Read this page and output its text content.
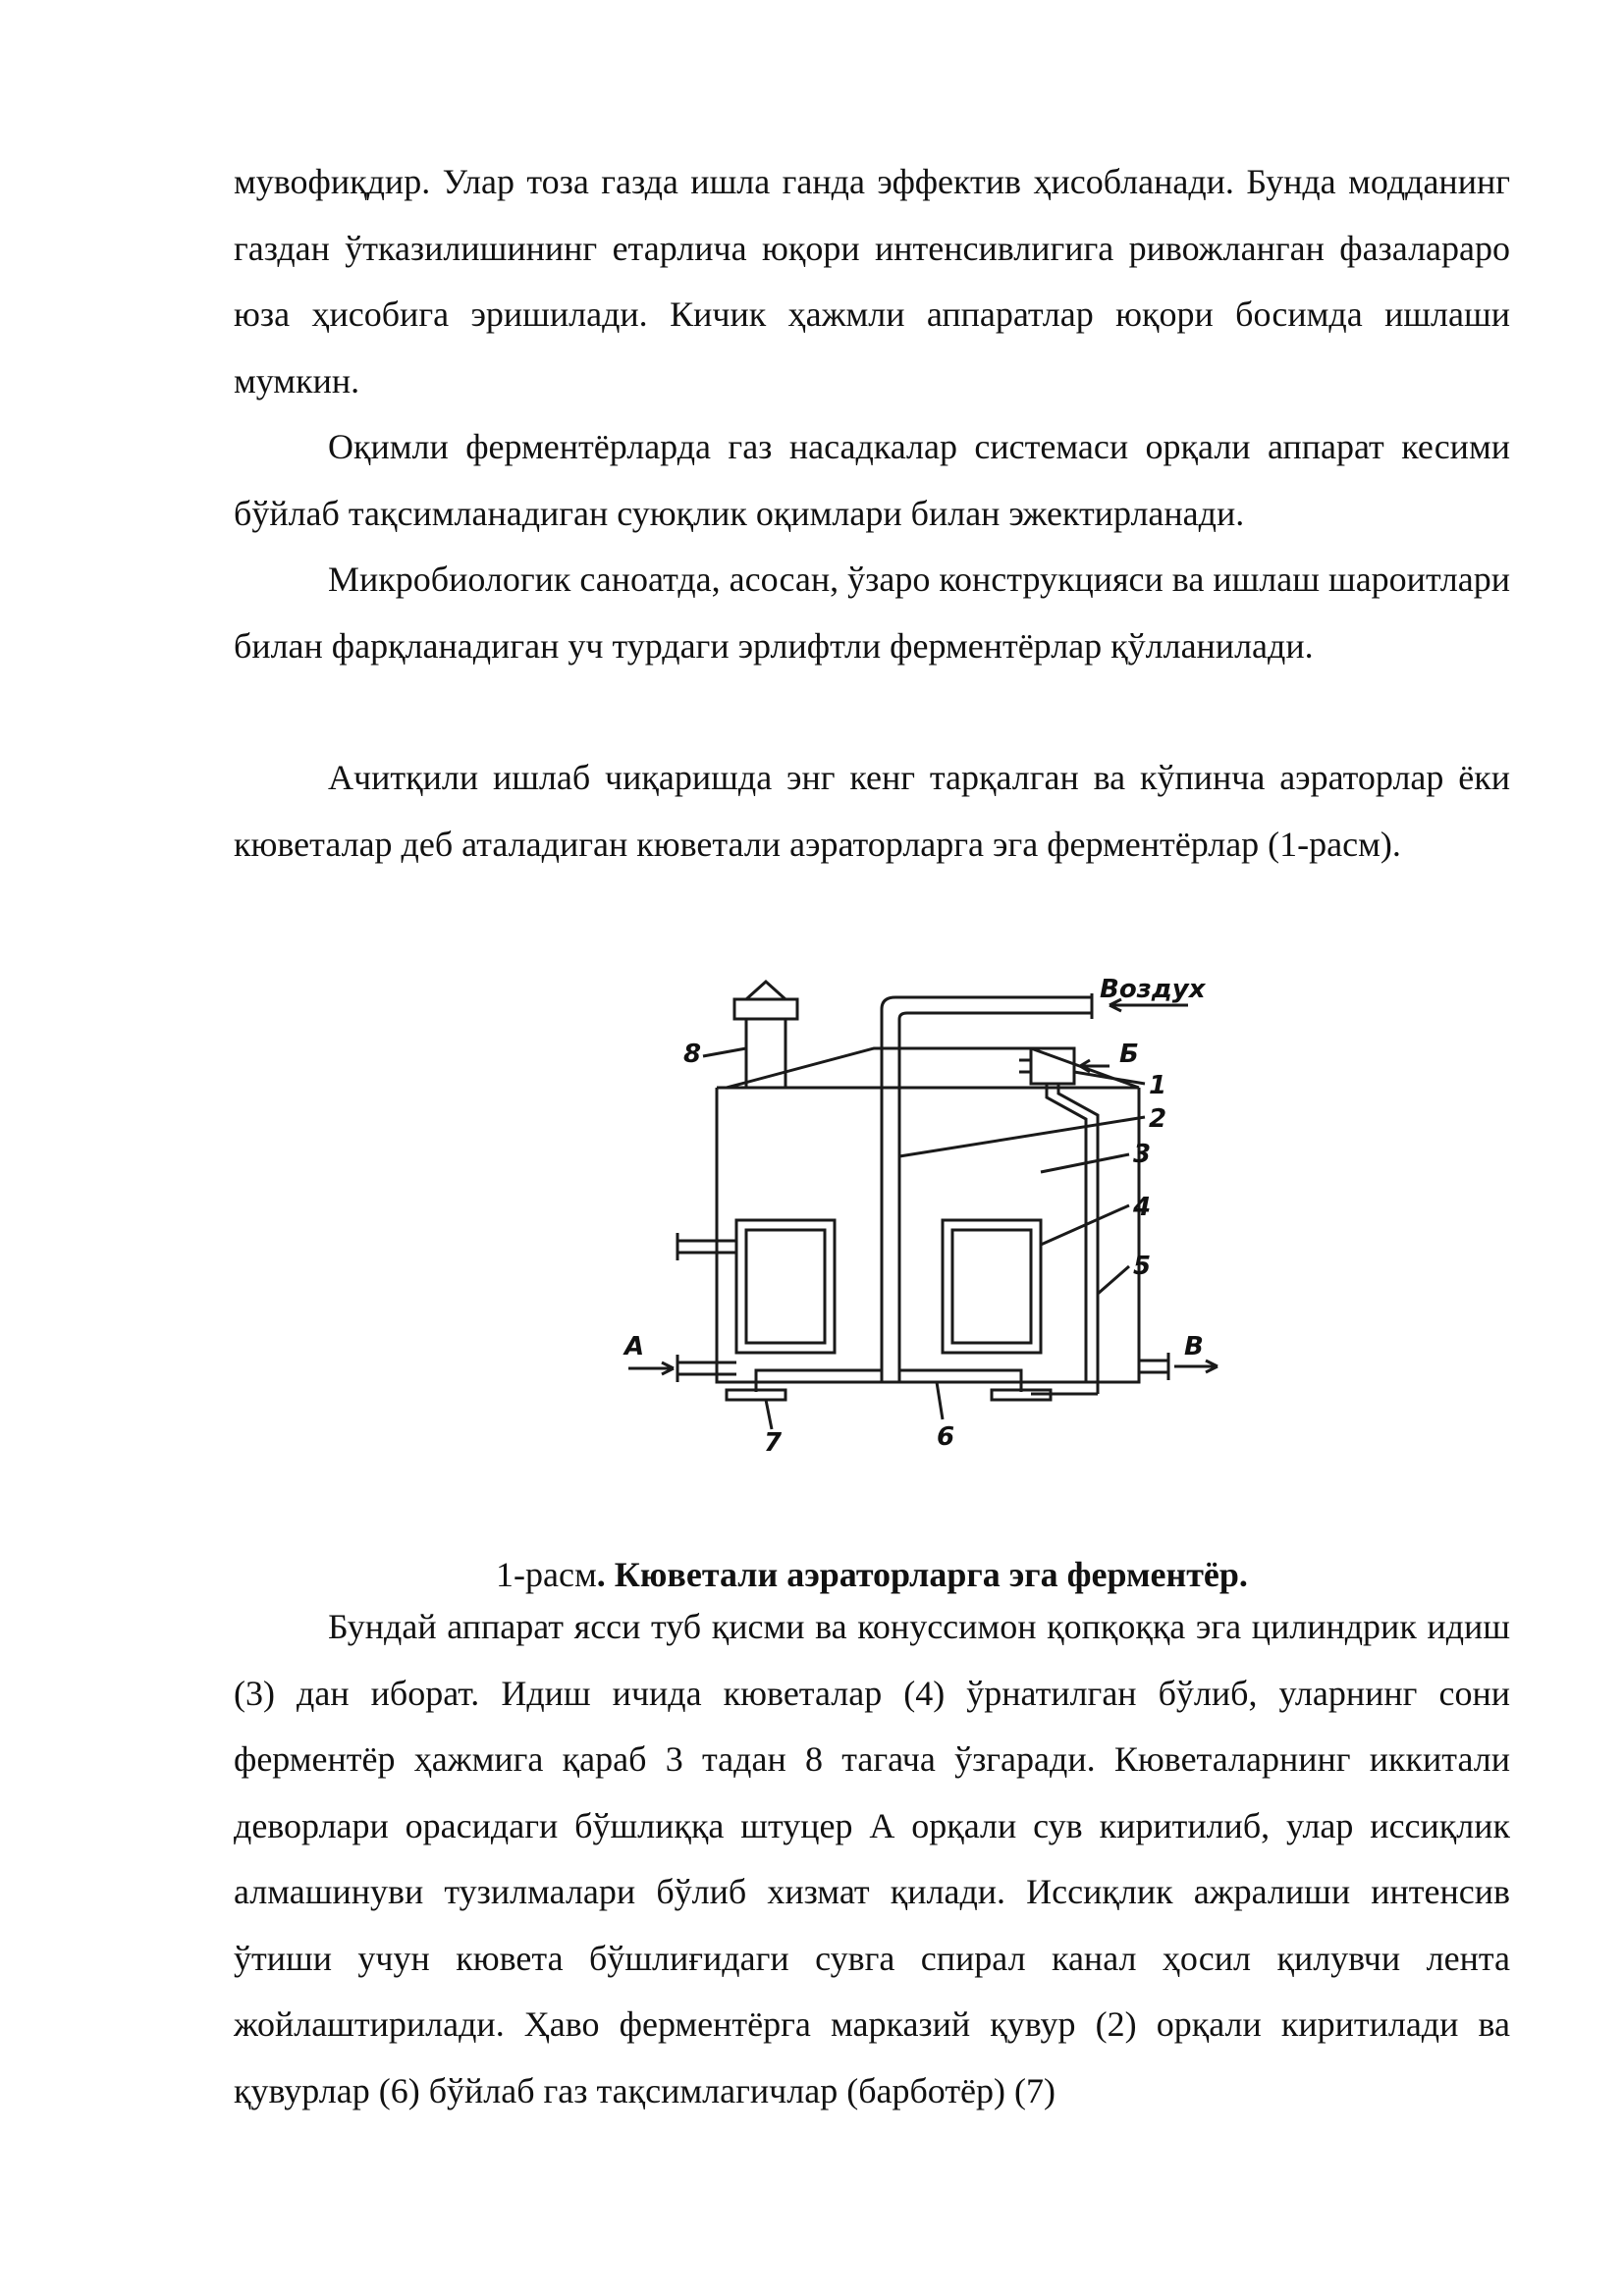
мувофиқдир. Улар тоза газда ишла ганда эффектив ҳисобланади. Бунда модданинг газдан ўтказилишининг етарлича юқори интенсивлигига ривожланган фазалараро юза ҳисобига эришилади. Кичик ҳажмли аппаратлар юқори босимда ишлаши мумкин.

Оқимли ферментёрларда газ насадкалар системаси орқали аппарат кесими бўйлаб тақсимланадиган суюқлик оқимлари билан эжектирланади.

Микробиологик саноатда, асосан, ўзаро конструкцияси ва ишлаш шароитлари билан фарқланадиган уч турдаги эрлифтли ферментёрлар қўлланилади.

Ачитқили ишлаб чиқаришда энг кенг тарқалган ва кўпинча аэраторлар ёки кюветалар деб аталадиган кюветали аэраторларга эга ферментёрлар (1-расм).

Воздух
Б
А	В
1
2
3
4
5
6
7
8

1-расм. Кюветали аэраторларга эга ферментёр.

Бундай аппарат ясси туб қисми ва конуссимон қопқоққа эга цилиндрик идиш (3) дан иборат. Идиш ичида кюветалар (4) ўрнатилган бўлиб, уларнинг сони ферментёр ҳажмига қараб 3 тадан 8 тагача ўзгаради. Кюветаларнинг иккитали деворлари орасидаги бўшлиққа штуцер А орқали сув киритилиб, улар иссиқлик алмашинуви тузилмалари бўлиб хизмат қилади. Иссиқлик ажралиши интенсив ўтиши учун кювета бўшлиғидаги сувга спирал канал ҳосил қилувчи лента жойлаштирилади. Ҳаво ферментёрга марказий қувур (2) орқали киритилади ва қувурлар (6) бўйлаб газ тақсимлагичлар (барботёр) (7)
